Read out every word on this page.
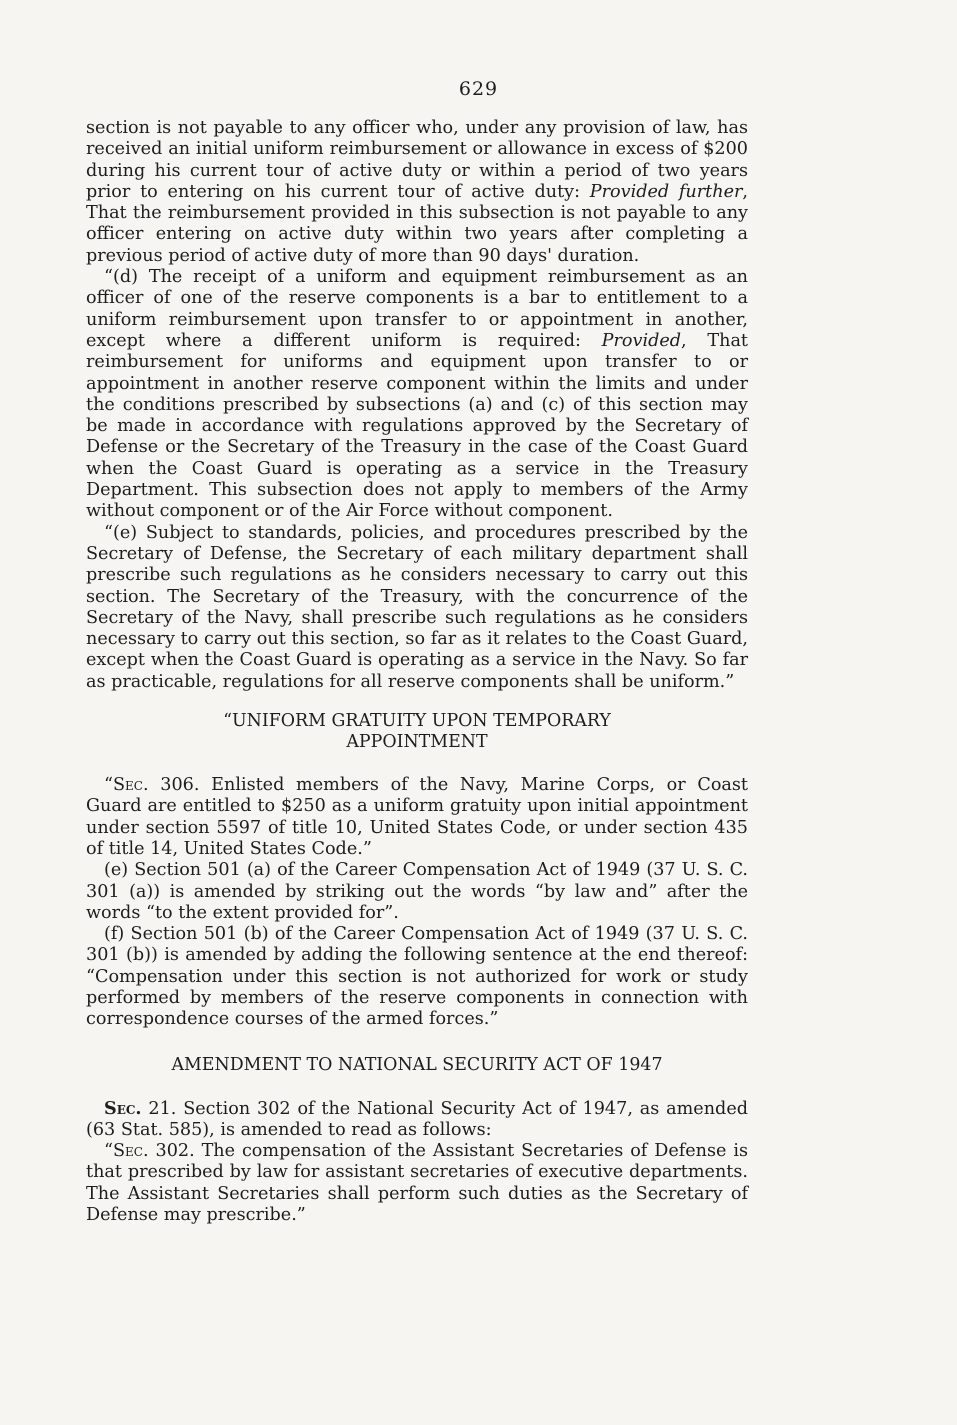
629

section is not payable to any officer who, under any provision of law, has received an initial uniform reimbursement or allowance in excess of $200 during his current tour of active duty or within a period of two years prior to entering on his current tour of active duty: Provided further, That the reimbursement provided in this subsection is not payable to any officer entering on active duty within two years after completing a previous period of active duty of more than 90 days' duration.

“(d) The receipt of a uniform and equipment reimbursement as an officer of one of the reserve components is a bar to entitlement to a uniform reimbursement upon transfer to or appointment in another, except where a different uniform is required: Provided, That reimbursement for uniforms and equipment upon transfer to or appointment in another reserve component within the limits and under the conditions prescribed by subsections (a) and (c) of this section may be made in accordance with regulations approved by the Secretary of Defense or the Secretary of the Treasury in the case of the Coast Guard when the Coast Guard is operating as a service in the Treasury Department. This subsection does not apply to members of the Army without component or of the Air Force without component.

“(e) Subject to standards, policies, and procedures prescribed by the Secretary of Defense, the Secretary of each military department shall prescribe such regulations as he considers necessary to carry out this section. The Secretary of the Treasury, with the concurrence of the Secretary of the Navy, shall prescribe such regulations as he considers necessary to carry out this section, so far as it relates to the Coast Guard, except when the Coast Guard is operating as a service in the Navy. So far as practicable, regulations for all reserve components shall be uniform.”

“UNIFORM GRATUITY UPON TEMPORARY
APPOINTMENT

“Sec. 306. Enlisted members of the Navy, Marine Corps, or Coast Guard are entitled to $250 as a uniform gratuity upon initial appointment under section 5597 of title 10, United States Code, or under section 435 of title 14, United States Code.”

(e) Section 501 (a) of the Career Compensation Act of 1949 (37 U. S. C. 301 (a)) is amended by striking out the words “by law and” after the words “to the extent provided for”.

(f) Section 501 (b) of the Career Compensation Act of 1949 (37 U. S. C. 301 (b)) is amended by adding the following sentence at the end thereof: “Compensation under this section is not authorized for work or study performed by members of the reserve components in connection with correspondence courses of the armed forces.”

AMENDMENT TO NATIONAL SECURITY ACT OF 1947

Sec. 21. Section 302 of the National Security Act of 1947, as amended (63 Stat. 585), is amended to read as follows:

“Sec. 302. The compensation of the Assistant Secretaries of Defense is that prescribed by law for assistant secretaries of executive departments. The Assistant Secretaries shall perform such duties as the Secretary of Defense may prescribe.”
